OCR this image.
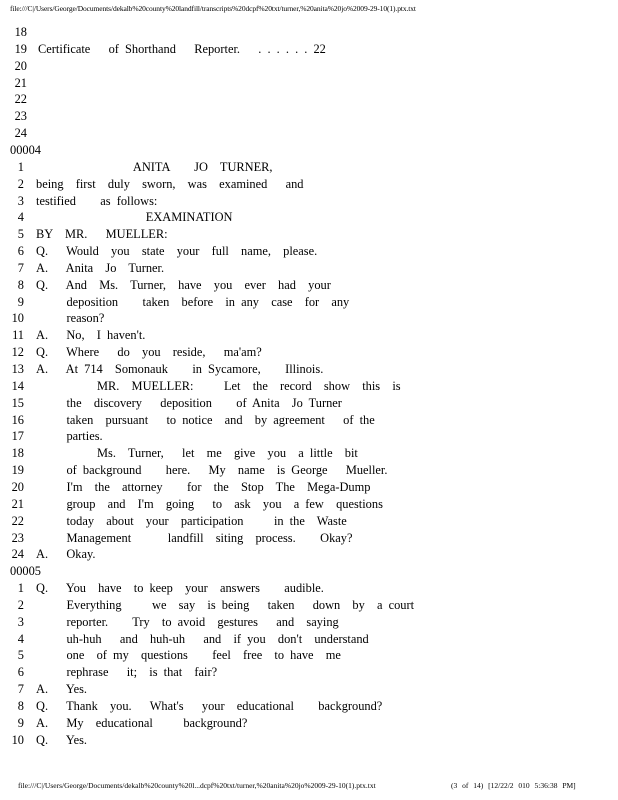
file:///C|/Users/George/Documents/dekalb%20county%20landfill/transcripts%20dcpf%20txt/turner,%20anita%20jo%2009-29-10(1).ptx.txt
18
19 Certificate   of Shorthand   Reporter.   . . . . . . 22
20
21
22
23
24
00004
1 ANITA    JO  TURNER,
2 being  first  duly  sworn,  was  examined   and
3 testified    as follows:
4 EXAMINATION
5 BY  MR.   MUELLER:
6 Q.   Would  you  state  your  full  name,  please.
7 A.   Anita  Jo  Turner.
8 Q.   And  Ms.  Turner,  have  you  ever  had  your
9 deposition    taken  before  in any  case  for  any
10 reason?
11 A.   No,  I haven't.
12 Q.   Where   do  you  reside,   ma'am?
13 A.   At 714  Somonauk    in Sycamore,    Illinois.
14 MR.  MUELLER:     Let  the  record  show  this  is
15 the  discovery   deposition    of Anita  Jo Turner
16 taken  pursuant   to notice  and  by agreement   of the
17 parties.
18 Ms.  Turner,   let  me  give  you  a little  bit
19 of background    here.   My  name  is George   Mueller.
20 I'm  the  attorney    for  the  Stop  The  Mega-Dump
21 group  and  I'm  going   to  ask  you  a few  questions
22 today  about  your  participation     in the  Waste
23 Management      landfill  siting  process.    Okay?
24 A.   Okay.
00005
1 Q.   You  have  to keep  your  answers    audible.
2 Everything     we  say  is being   taken   down  by  a court
3 reporter.    Try  to avoid  gestures   and  saying
4 uh-huh   and  huh-uh   and  if you  don't  understand
5 one  of my  questions    feel  free  to have  me
6 rephrase   it;  is that  fair?
7 A.   Yes.
8 Q.   Thank  you.   What's   your  educational    background?
9 A.   My  educational     background?
10 Q.   Yes.
file:///C|/Users/George/Documents/dekalb%20county%20l...dcpf%20txt/turner,%20anita%20jo%2009-29-10(1).ptx.txt	(3 of 14) [12/22/2 010 5:36:38 PM]
